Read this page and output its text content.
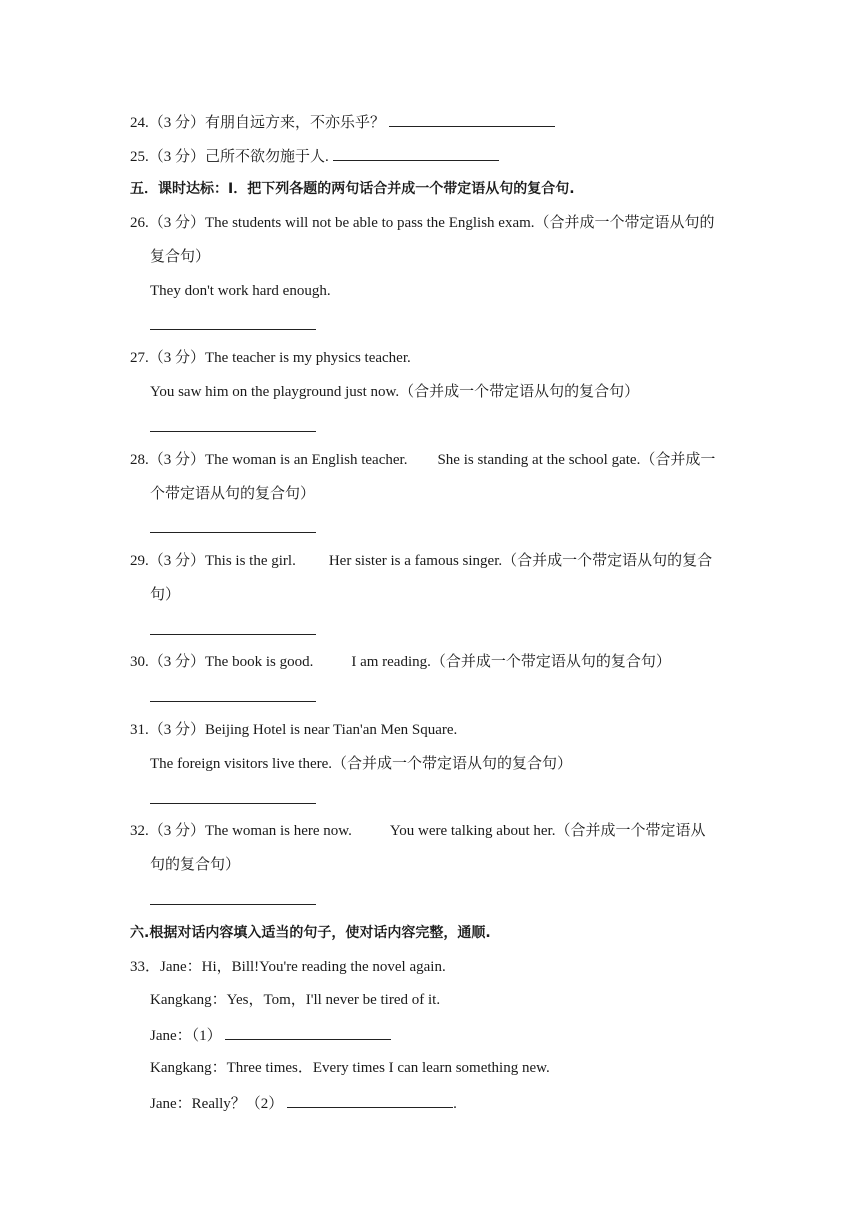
24.（3 分）有朋自远方来，不亦乐乎？
25.（3 分）己所不欲勿施于人.
五．课时达标：Ⅰ．把下列各题的两句话合并成一个带定语从句的复合句.
26.（3 分）The students will not be able to pass the English exam.（合并成一个带定语从句的
复合句）
They don't work hard enough.
27.（3 分）The teacher is my physics teacher.
You saw him on the playground just now.（合并成一个带定语从句的复合句）
28.（3 分）The woman is an English teacher. She is standing at the school gate.（合并成一
个带定语从句的复合句）
29.（3 分）This is the girl. Her sister is a famous singer.（合并成一个带定语从句的复合
句）
30.（3 分）The book is good.	I am reading.（合并成一个带定语从句的复合句）
31.（3 分）Beijing Hotel is near Tian'an Men Square.
The foreign visitors live there.（合并成一个带定语从句的复合句）
32.（3 分）The woman is here now.	You were talking about her.（合并成一个带定语从
句的复合句）
六.根据对话内容填入适当的句子，使对话内容完整，通顺.
33．Jane：Hi，Bill!You're reading the novel again.
Kangkang：Yes，Tom，I'll never be tired of it.
Jane：（1）
Kangkang：Three times．Every times I can learn something new.
Jane：Really？（2）	.
